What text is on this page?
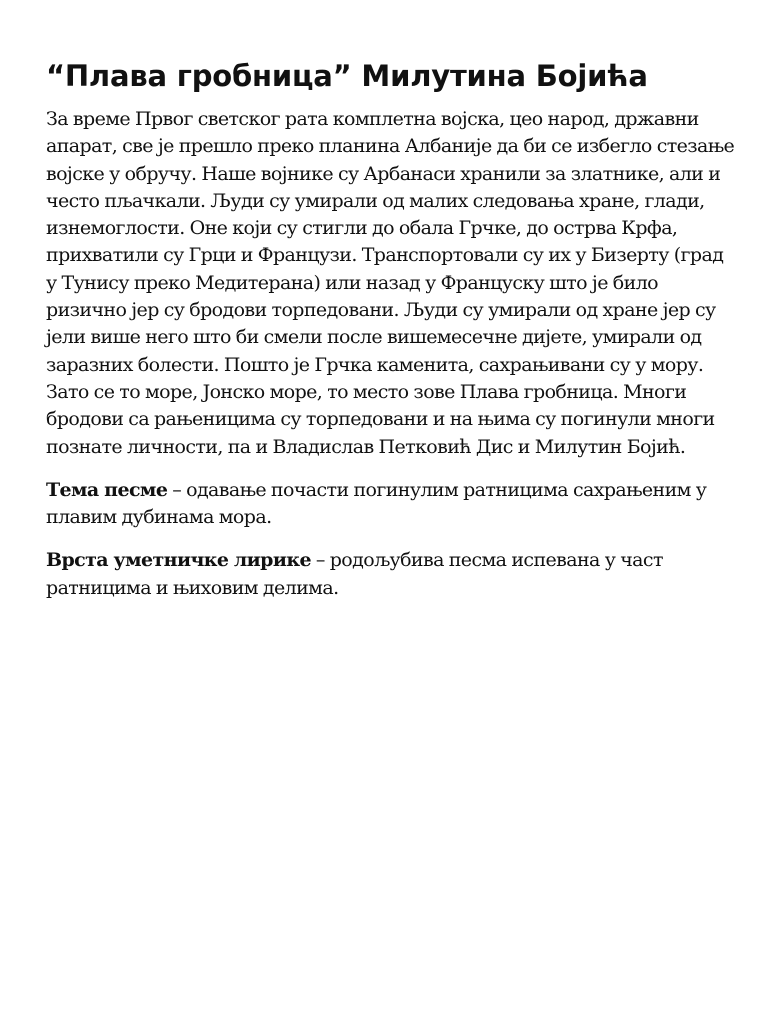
“Плава гробница” Милутина Бојића

За време Првог светског рата комплетна војска, цео народ, државни апарат, све је прешло преко планина Албаније да би се избегло стезање војске у обручу. Наше војнике су Арбанаси хранили за златнике, али и често пљачкали. Људи су умирали од малих следовања хране, глади, изнемоглости. Оне који су стигли до обала Грчке, до острва Крфа, прихватили су Грци и Французи. Транспортовали су их у Бизерту (град у Тунису преко Медитерана) или назад у Француску што је било ризично јер су бродови торпедовани. Људи су умирали од хране јер су јели више него што би смели после вишемесечне дијете, умирали од заразних болести. Пошто је Грчка каменита, сахрањивани су у мору. Зато се то море, Јонско море, то место зове Плава гробница. Многи бродови са рањеницима су торпедовани и на њима су погинули многи познате личности, па и Владислав Петковић Дис и Милутин Бојић.

Тема песме – одавање почасти погинулим ратницима сахрањеним у плавим дубинама мора.

Врста уметничке лирике – родољубива песма испевана у част ратницима и њиховим делима.
